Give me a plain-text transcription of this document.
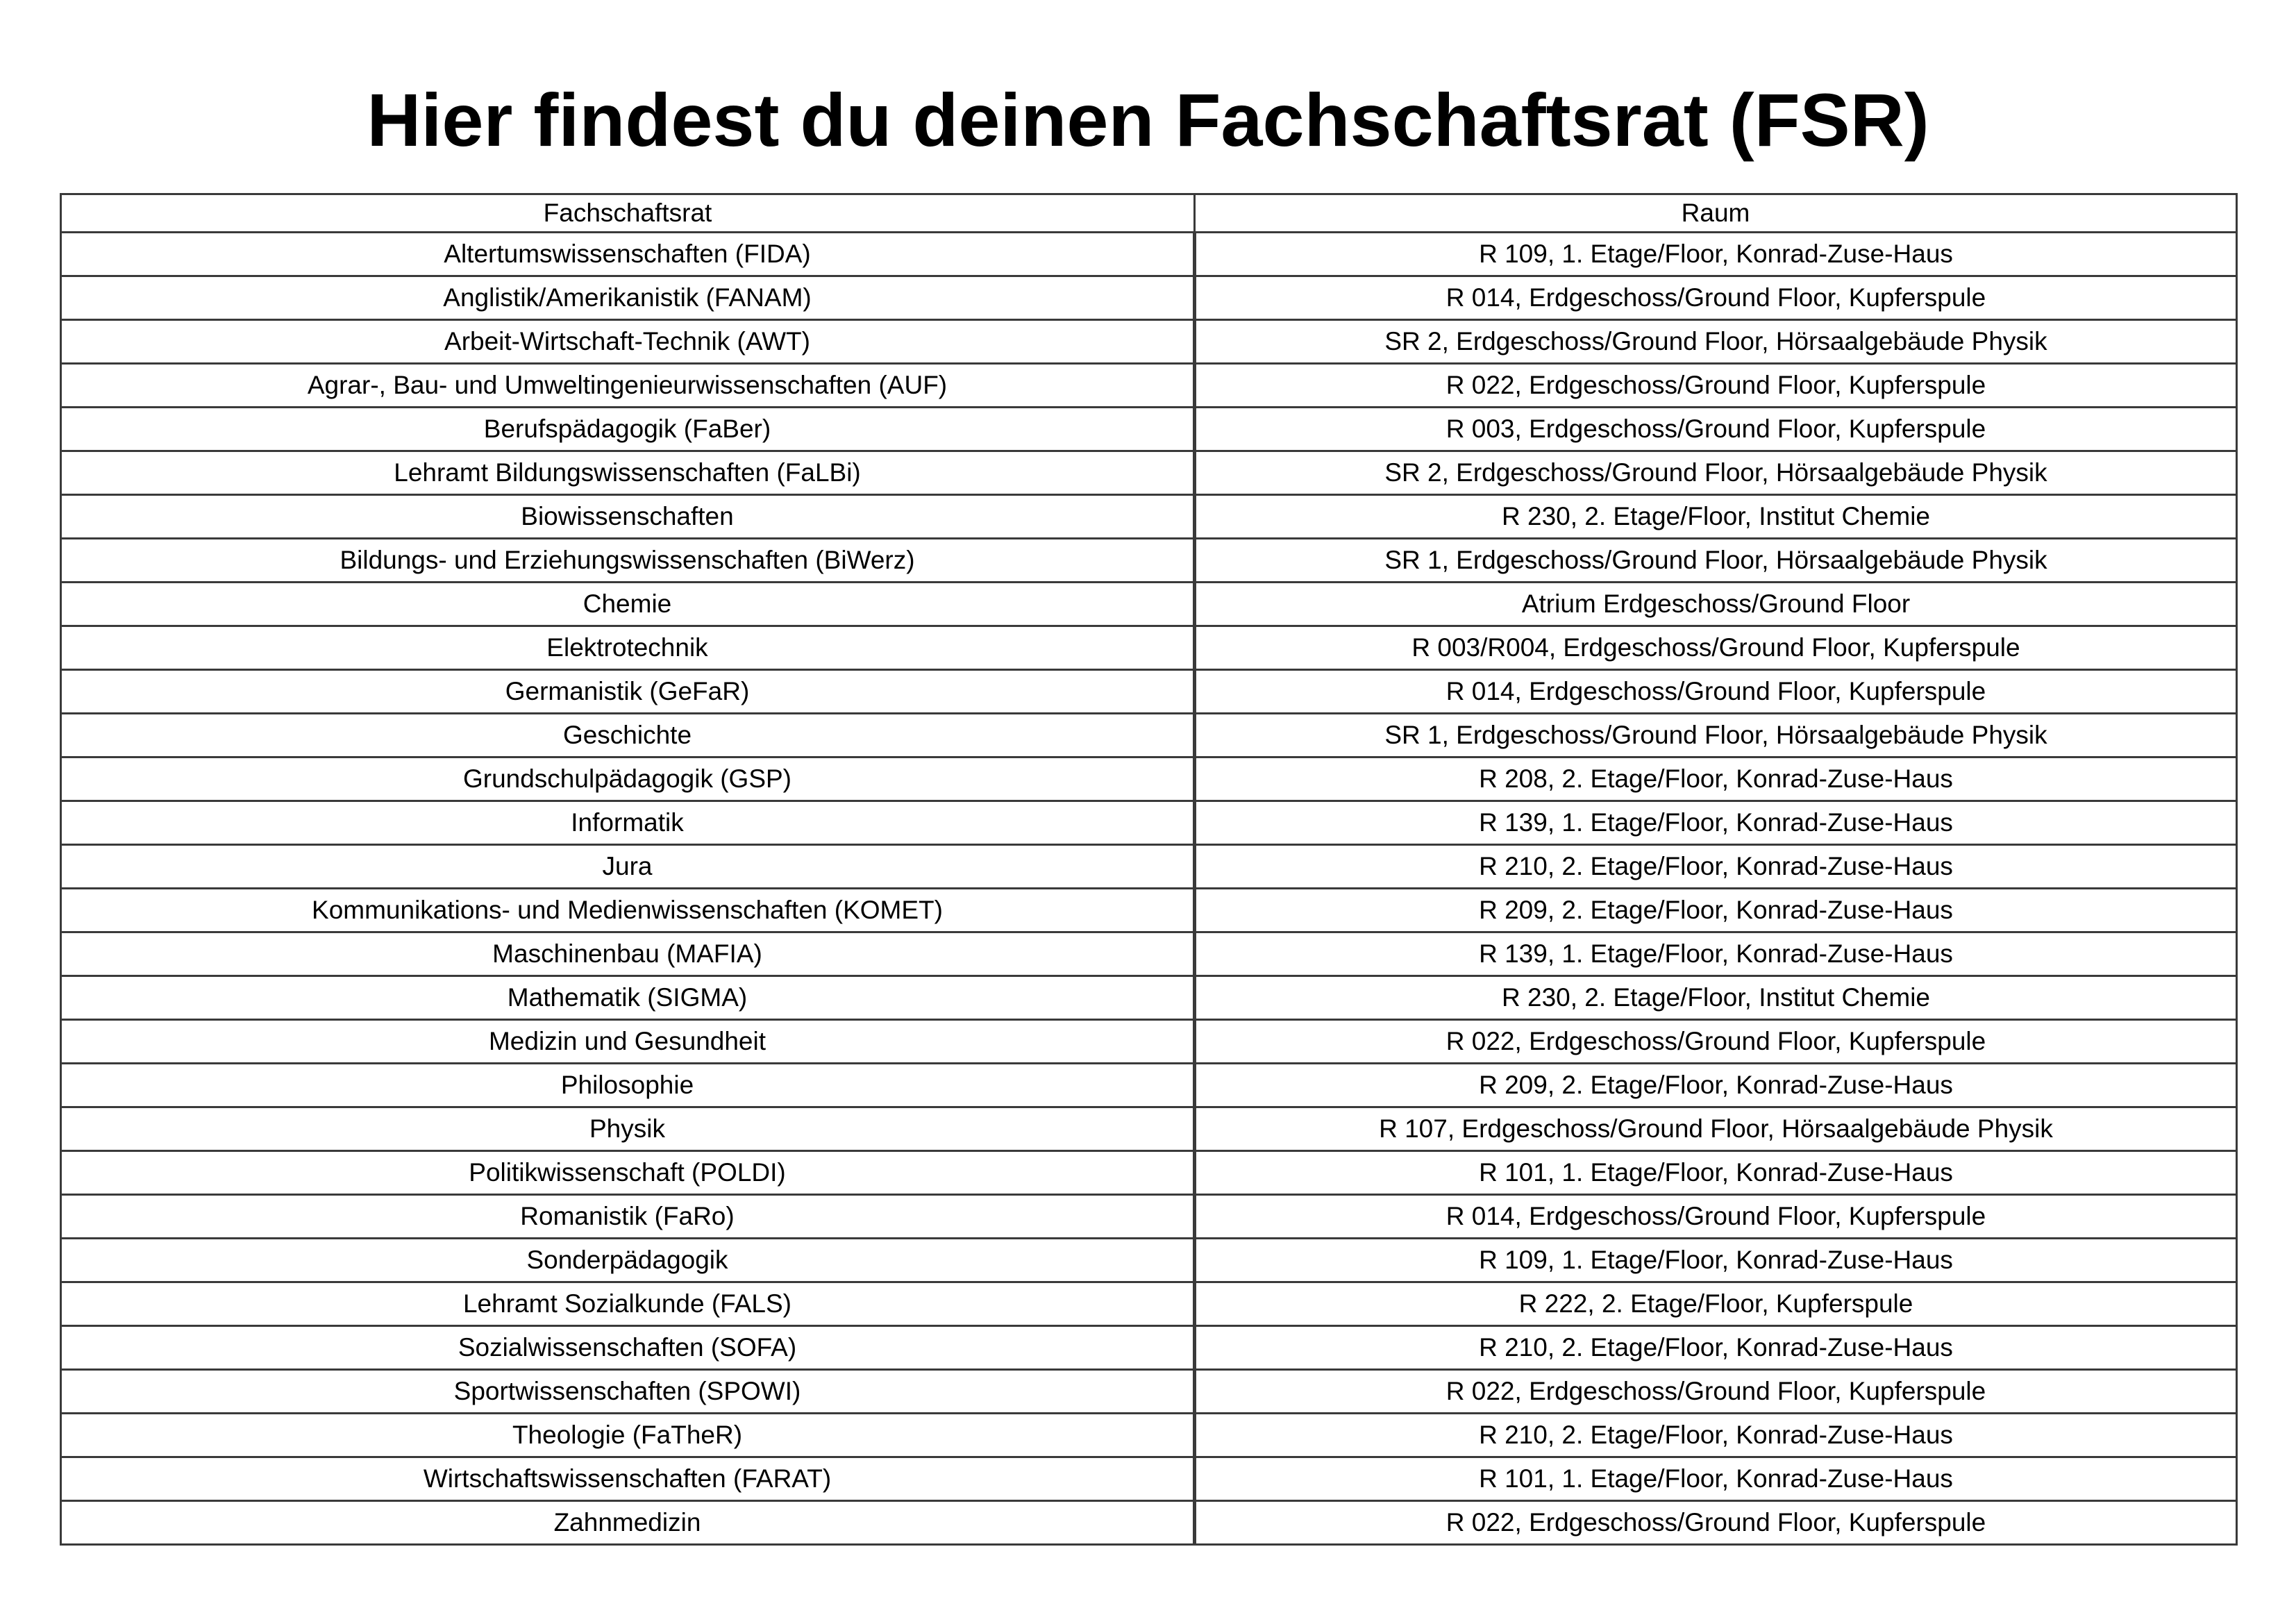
Hier findest du deinen Fachschaftsrat (FSR)
Fachschaftsrat	Raum
Altertumswissenschaften (FIDA)	R 109, 1. Etage/Floor, Konrad-Zuse-Haus
Anglistik/Amerikanistik (FANAM)	R 014, Erdgeschoss/Ground Floor, Kupferspule
Arbeit-Wirtschaft-Technik (AWT)	SR 2, Erdgeschoss/Ground Floor, Hörsaalgebäude Physik
Agrar-, Bau- und Umweltingenieurwissenschaften (AUF)	R 022, Erdgeschoss/Ground Floor, Kupferspule
Berufspädagogik (FaBer)	R 003, Erdgeschoss/Ground Floor, Kupferspule
Lehramt Bildungswissenschaften (FaLBi)	SR 2, Erdgeschoss/Ground Floor, Hörsaalgebäude Physik
Biowissenschaften	R 230, 2. Etage/Floor, Institut Chemie
Bildungs- und Erziehungswissenschaften (BiWerz)	SR 1, Erdgeschoss/Ground Floor, Hörsaalgebäude Physik
Chemie	Atrium Erdgeschoss/Ground Floor
Elektrotechnik	R 003/R004, Erdgeschoss/Ground Floor, Kupferspule
Germanistik (GeFaR)	R 014, Erdgeschoss/Ground Floor, Kupferspule
Geschichte	SR 1, Erdgeschoss/Ground Floor, Hörsaalgebäude Physik
Grundschulpädagogik (GSP)	R 208, 2. Etage/Floor, Konrad-Zuse-Haus
Informatik	R 139, 1. Etage/Floor, Konrad-Zuse-Haus
Jura	R 210, 2. Etage/Floor, Konrad-Zuse-Haus
Kommunikations- und Medienwissenschaften (KOMET)	R 209, 2. Etage/Floor, Konrad-Zuse-Haus
Maschinenbau (MAFIA)	R 139, 1. Etage/Floor, Konrad-Zuse-Haus
Mathematik (SIGMA)	R 230, 2. Etage/Floor, Institut Chemie
Medizin und Gesundheit	R 022, Erdgeschoss/Ground Floor, Kupferspule
Philosophie	R 209, 2. Etage/Floor, Konrad-Zuse-Haus
Physik	R 107, Erdgeschoss/Ground Floor, Hörsaalgebäude Physik
Politikwissenschaft (POLDI)	R 101, 1. Etage/Floor, Konrad-Zuse-Haus
Romanistik (FaRo)	R 014, Erdgeschoss/Ground Floor, Kupferspule
Sonderpädagogik	R 109, 1. Etage/Floor, Konrad-Zuse-Haus
Lehramt Sozialkunde (FALS)	R 222, 2. Etage/Floor, Kupferspule
Sozialwissenschaften (SOFA)	R 210, 2. Etage/Floor, Konrad-Zuse-Haus
Sportwissenschaften (SPOWI)	R 022, Erdgeschoss/Ground Floor, Kupferspule
Theologie (FaTheR)	R 210, 2. Etage/Floor, Konrad-Zuse-Haus
Wirtschaftswissenschaften (FARAT)	R 101, 1. Etage/Floor, Konrad-Zuse-Haus
Zahnmedizin	R 022, Erdgeschoss/Ground Floor, Kupferspule
